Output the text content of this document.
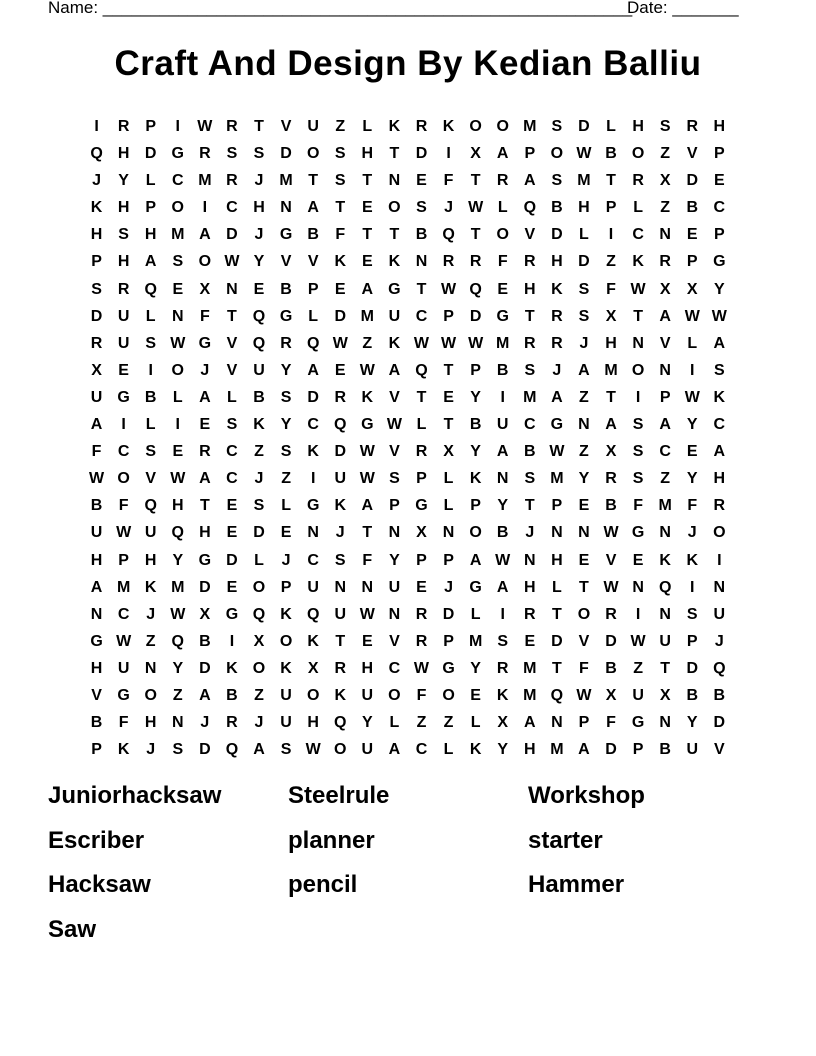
Name: ________________________________________________________
Date: _______
Craft And Design By Kedian Balliu
I	R P	I	W R	T	V U	Z	L	K R K O O M S D	L	H S R H
Q H D G R S	S D O S H	T	D	I	X A P O W B O Z	V	P
J	Y	L	C M R	J M T	S	T	N E	F	T	R A S M T	R X D E
K H P O	I	C H N A	T	E O S	J W L Q B H P	L	Z	B C
H S H M A D	J	G B	F	T	T	B Q T O V D	L	I	C N E	P
P H A S O W Y	V	V K E K N R R	F	R H D	Z	K R P G
S R Q E	X N E B P	E A G T W Q E H K S	F W X	X	Y
D U	L	N	F	T Q G L	D M U C P D G T	R S	X	T	A W W
R U S W G V Q R Q W Z	K W W W M R R	J	H N V	L	A
X	E	I	O	J	V U Y A E W A Q T	P B S	J	A M O N	I	S
U G B	L	A	L	B S D R K V	T	E	Y	I	M A	Z	T	I	P W K
A	I	L	I	E	S K Y C Q G W L	T	B U C G N A S A Y C
F	C S	E R C	Z	S K D W V R X	Y A B W Z	X	S C E A
W O V W A C	J	Z	I	U W S	P	L	K N S M Y R S	Z	Y H
B	F Q H	T	E	S	L G K A P G L	P	Y	T	P	E B	F M F	R
U W U Q H E D E N	J	T	N X N O B	J	N N W G N	J	O
H P H Y G D	L	J	C S	F	Y	P	P A W N H E	V	E K K	I
A M K M D E O P U N N U E	J	G A H	L	T W N Q	I	N
N C	J W X G Q K Q U W N R D	L	I	R	T O R	I	N S U
G W Z Q B	I	X O K	T	E	V R P M S	E D V D W U P	J
H U N Y D K O K X R H C W G Y R M T	F	B	Z	T	D Q
V G O Z	A B	Z	U O K U O F O E K M Q W X U X B B
B	F	H N	J	R	J	U H Q Y	L	Z	Z	L	X A N P	F G N Y D
P K	J	S D Q A S W O U A C	L	K Y H M A D P B U V
Juniorhacksaw	Steelrule	Workshop
Escriber	planner	starter
Hacksaw	pencil	Hammer
Saw
